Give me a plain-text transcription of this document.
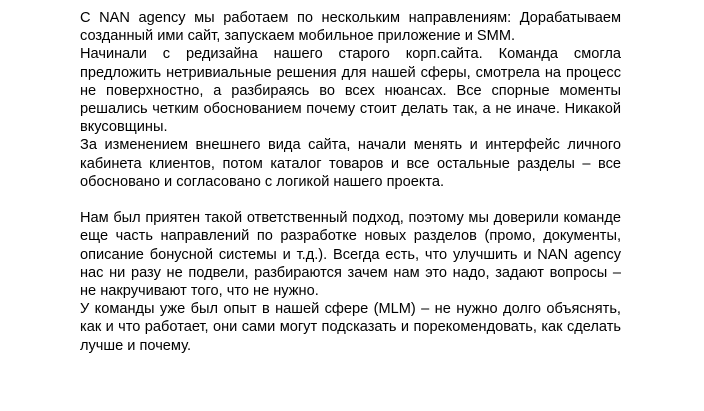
С NAN agency мы работаем по нескольким направлениям: Дорабатываем созданный ими сайт, запускаем мобильное приложение и SMM.

Начинали с редизайна нашего старого корп.сайта. Команда смогла предложить нетривиальные решения для нашей сферы, смотрела на процесс не поверхностно, а разбираясь во всех нюансах. Все спорные моменты решались четким обоснованием почему стоит делать так, а не иначе. Никакой вкусовщины.

За изменением внешнего вида сайта, начали менять и интерфейс личного кабинета клиентов, потом каталог товаров и все остальные разделы – все обосновано и согласовано с логикой нашего проекта.

Нам был приятен такой ответственный подход, поэтому мы доверили команде еще часть направлений по разработке новых разделов (промо, документы, описание бонусной системы и т.д.). Всегда есть, что улучшить и NAN agency нас ни разу не подвели, разбираются зачем нам это надо, задают вопросы – не накручивают того, что не нужно.

У команды уже был опыт в нашей сфере (MLM) – не нужно долго объяснять, как и что работает, они сами могут подсказать и порекомендовать, как сделать лучше и почему.
